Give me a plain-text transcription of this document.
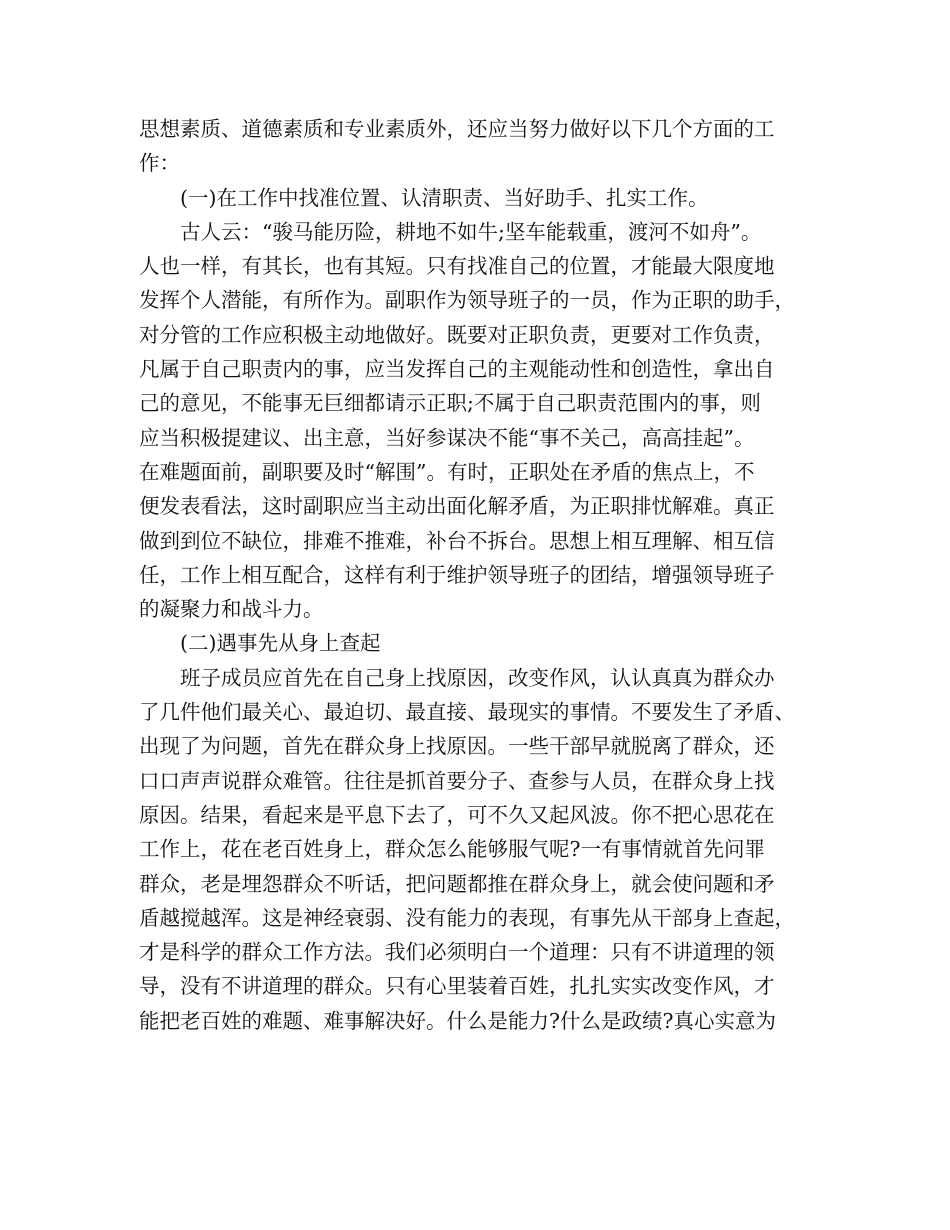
思想素质、道德素质和专业素质外，还应当努力做好以下几个方面的工
作：
(一)在工作中找准位置、认清职责、当好助手、扎实工作。
古人云：“骏马能历险，耕地不如牛;坚车能载重，渡河不如舟”。
人也一样，有其长，也有其短。只有找准自己的位置，才能最大限度地
发挥个人潜能，有所作为。副职作为领导班子的一员，作为正职的助手，
对分管的工作应积极主动地做好。既要对正职负责，更要对工作负责，
凡属于自己职责内的事，应当发挥自己的主观能动性和创造性，拿出自
己的意见，不能事无巨细都请示正职;不属于自己职责范围内的事，则
应当积极提建议、出主意，当好参谋决不能“事不关己，高高挂起”。
在难题面前，副职要及时“解围”。有时，正职处在矛盾的焦点上，不
便发表看法，这时副职应当主动出面化解矛盾，为正职排忧解难。真正
做到到位不缺位，排难不推难，补台不拆台。思想上相互理解、相互信
任，工作上相互配合，这样有利于维护领导班子的团结，增强领导班子
的凝聚力和战斗力。
(二)遇事先从身上查起
班子成员应首先在自己身上找原因，改变作风，认认真真为群众办
了几件他们最关心、最迫切、最直接、最现实的事情。不要发生了矛盾、
出现了为问题，首先在群众身上找原因。一些干部早就脱离了群众，还
口口声声说群众难管。往往是抓首要分子、查参与人员，在群众身上找
原因。结果，看起来是平息下去了，可不久又起风波。你不把心思花在
工作上，花在老百姓身上，群众怎么能够服气呢?一有事情就首先问罪
群众，老是埋怨群众不听话，把问题都推在群众身上，就会使问题和矛
盾越搅越浑。这是神经衰弱、没有能力的表现，有事先从干部身上查起，
才是科学的群众工作方法。我们必须明白一个道理：只有不讲道理的领
导，没有不讲道理的群众。只有心里装着百姓，扎扎实实改变作风，才
能把老百姓的难题、难事解决好。什么是能力?什么是政绩?真心实意为
